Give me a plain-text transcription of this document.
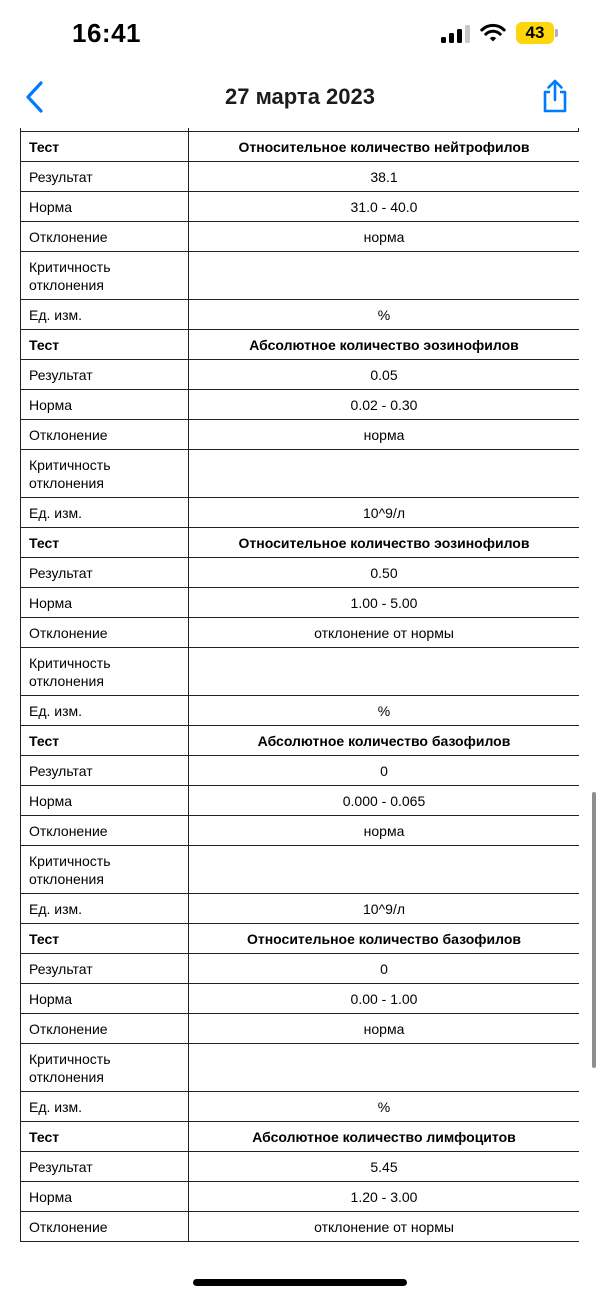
16:41	43
27 марта 2023
Тест	Относительное количество нейтрофилов
Результат	38.1
Норма	31.0 - 40.0
Отклонение	норма
Критичность отклонения	
Ед. изм.	%
Тест	Абсолютное количество эозинофилов
Результат	0.05
Норма	0.02 - 0.30
Отклонение	норма
Критичность отклонения	
Ед. изм.	10^9/л
Тест	Относительное количество эозинофилов
Результат	0.50
Норма	1.00 - 5.00
Отклонение	отклонение от нормы
Критичность отклонения	
Ед. изм.	%
Тест	Абсолютное количество базофилов
Результат	0
Норма	0.000 - 0.065
Отклонение	норма
Критичность отклонения	
Ед. изм.	10^9/л
Тест	Относительное количество базофилов
Результат	0
Норма	0.00 - 1.00
Отклонение	норма
Критичность отклонения	
Ед. изм.	%
Тест	Абсолютное количество лимфоцитов
Результат	5.45
Норма	1.20 - 3.00
Отклонение	отклонение от нормы
